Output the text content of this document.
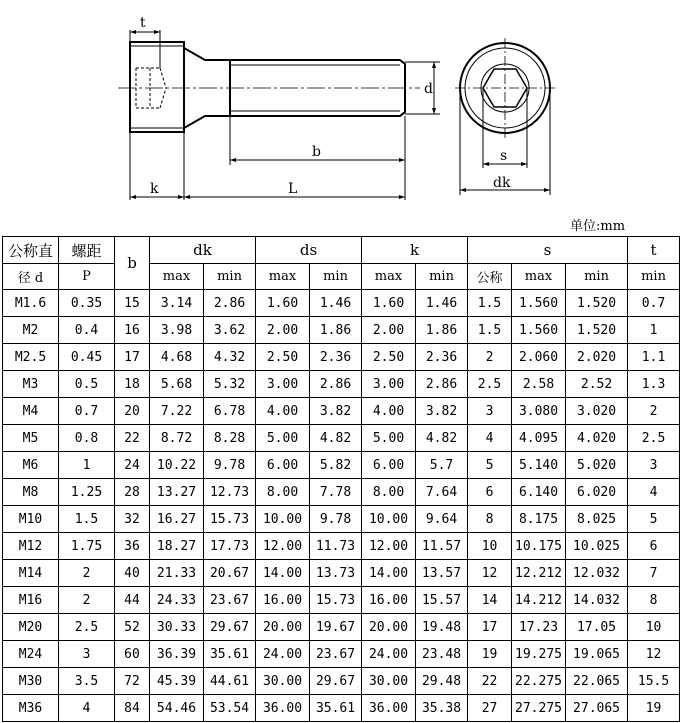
t
d
b
k	L
s
dk
单位:mm
公称直	螺距	b	dk		ds		k		s			t
径 d	P		max	min	max	min	max	min	公称	max	min	min
M1.6	0.35	15	3.14	2.86	1.60	1.46	1.60	1.46	1.5	1.560	1.520	0.7
M2	0.4	16	3.98	3.62	2.00	1.86	2.00	1.86	1.5	1.560	1.520	1
M2.5	0.45	17	4.68	4.32	2.50	2.36	2.50	2.36	2	2.060	2.020	1.1
M3	0.5	18	5.68	5.32	3.00	2.86	3.00	2.86	2.5	2.58	2.52	1.3
M4	0.7	20	7.22	6.78	4.00	3.82	4.00	3.82	3	3.080	3.020	2
M5	0.8	22	8.72	8.28	5.00	4.82	5.00	4.82	4	4.095	4.020	2.5
M6	1	24	10.22	9.78	6.00	5.82	6.00	5.7	5	5.140	5.020	3
M8	1.25	28	13.27	12.73	8.00	7.78	8.00	7.64	6	6.140	6.020	4
M10	1.5	32	16.27	15.73	10.00	9.78	10.00	9.64	8	8.175	8.025	5
M12	1.75	36	18.27	17.73	12.00	11.73	12.00	11.57	10	10.175	10.025	6
M14	2	40	21.33	20.67	14.00	13.73	14.00	13.57	12	12.212	12.032	7
M16	2	44	24.33	23.67	16.00	15.73	16.00	15.57	14	14.212	14.032	8
M20	2.5	52	30.33	29.67	20.00	19.67	20.00	19.48	17	17.23	17.05	10
M24	3	60	36.39	35.61	24.00	23.67	24.00	23.48	19	19.275	19.065	12
M30	3.5	72	45.39	44.61	30.00	29.67	30.00	29.48	22	22.275	22.065	15.5
M36	4	84	54.46	53.54	36.00	35.61	36.00	35.38	27	27.275	27.065	19
